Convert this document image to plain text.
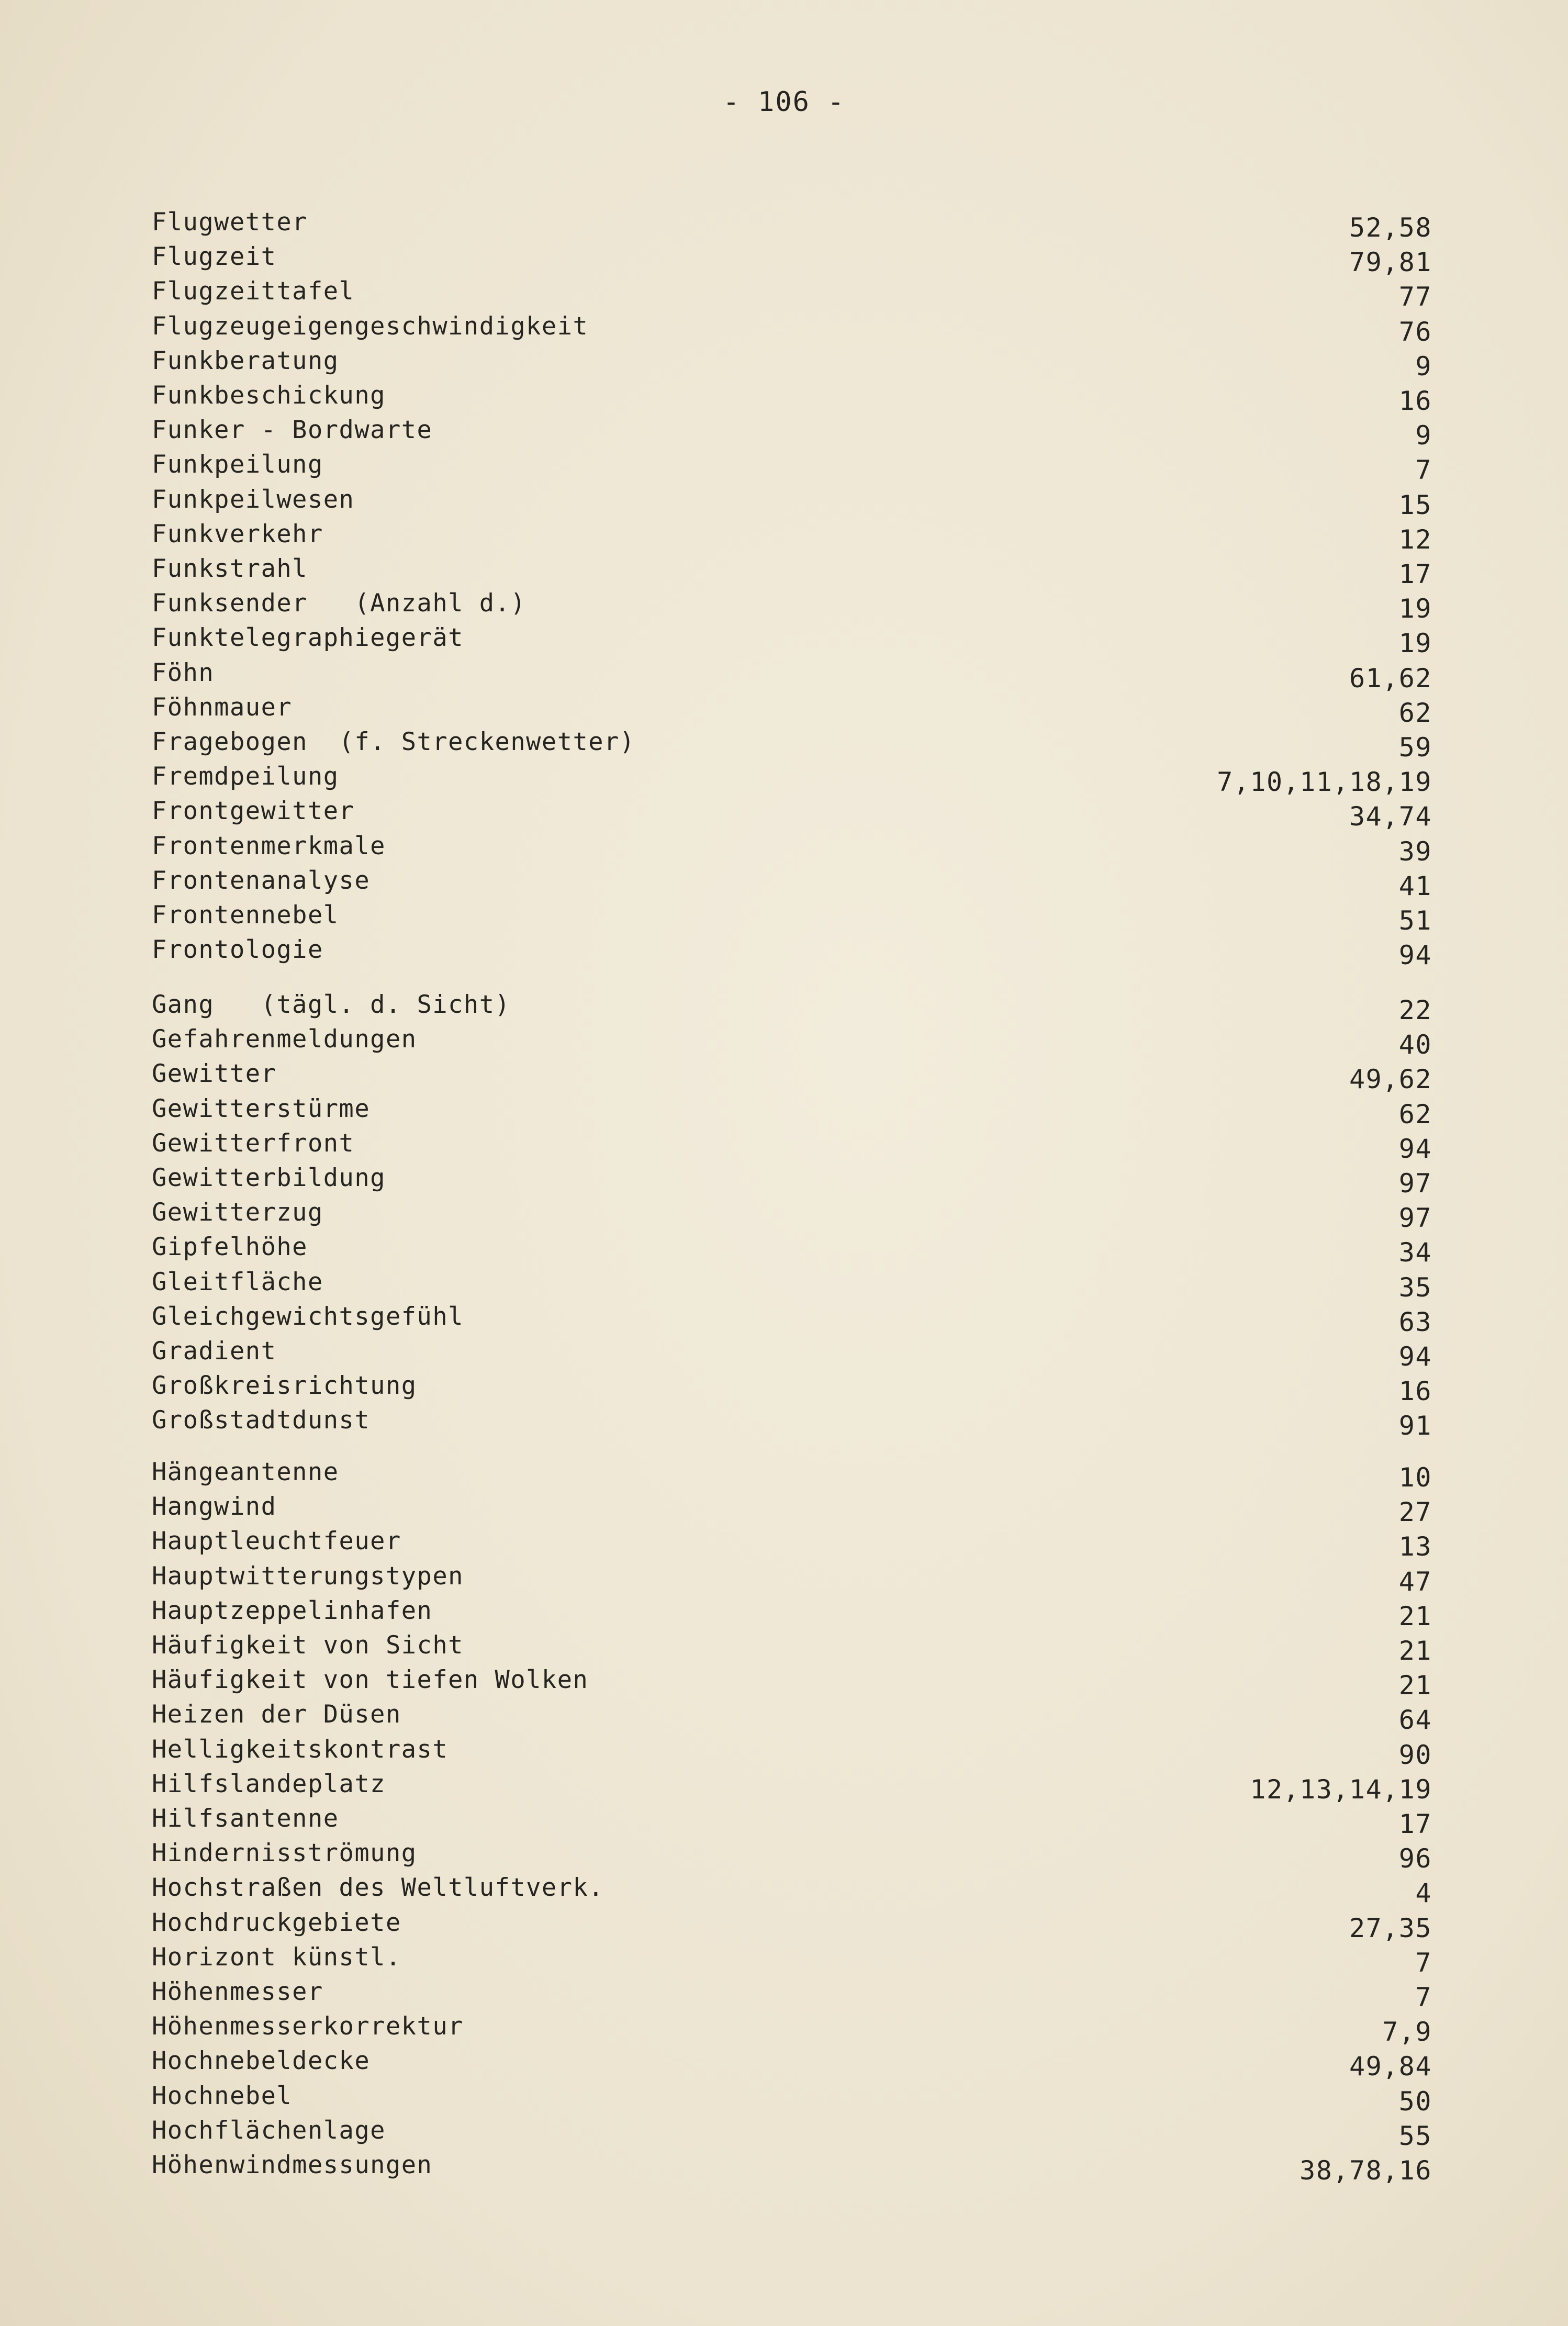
- 106 -
Flugwetter	52,58
Flugzeit	79,81
Flugzeittafel	77
Flugzeugeigengeschwindigkeit	76
Funkberatung	9
Funkbeschickung	16
Funker - Bordwarte	9
Funkpeilung	7
Funkpeilwesen	15
Funkverkehr	12
Funkstrahl	17
Funksender   (Anzahl d.)	19
Funktelegraphiegerät	19
Föhn	61,62
Föhnmauer	62
Fragebogen  (f. Streckenwetter)	59
Fremdpeilung	7,10,11,18,19
Frontgewitter	34,74
Frontenmerkmale	39
Frontenanalyse	41
Frontennebel	51
Frontologie	94
Gang   (tägl. d. Sicht)	22
Gefahrenmeldungen	40
Gewitter	49,62
Gewitterstürme	62
Gewitterfront	94
Gewitterbildung	97
Gewitterzug	97
Gipfelhöhe	34
Gleitfläche	35
Gleichgewichtsgefühl	63
Gradient	94
Großkreisrichtung	16
Großstadtdunst	91
Hängeantenne	10
Hangwind	27
Hauptleuchtfeuer	13
Hauptwitterungstypen	47
Hauptzeppelinhafen	21
Häufigkeit von Sicht	21
Häufigkeit von tiefen Wolken	21
Heizen der Düsen	64
Helligkeitskontrast	90
Hilfslandeplatz	12,13,14,19
Hilfsantenne	17
Hindernisströmung	96
Hochstraßen des Weltluftverk.	4
Hochdruckgebiete	27,35
Horizont künstl.	7
Höhenmesser	7
Höhenmesserkorrektur	7,9
Hochnebeldecke	49,84
Hochnebel	50
Hochflächenlage	55
Höhenwindmessungen	38,78,16
